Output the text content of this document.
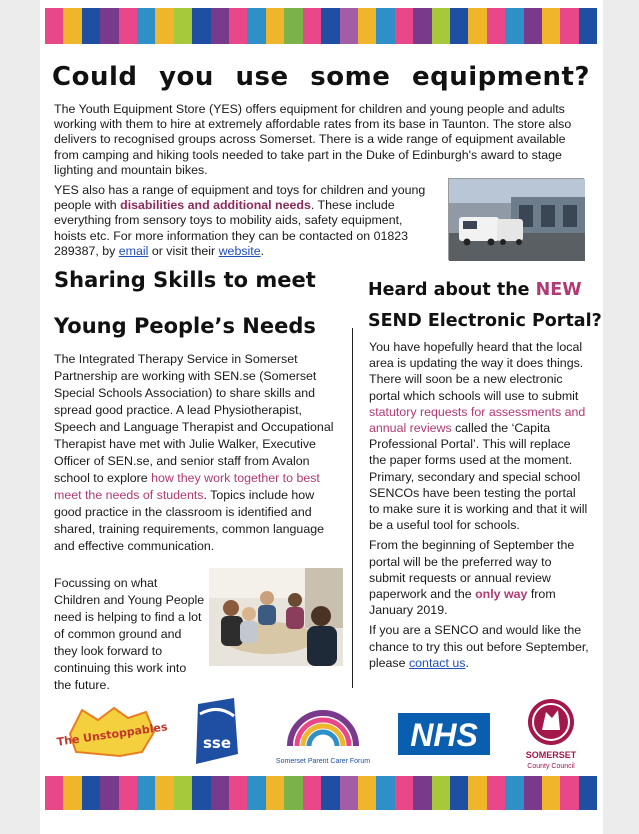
Could you use some equipment?

The Youth Equipment Store (YES) offers equipment for children and young people and adults working with them to hire at extremely affordable rates from its base in Taunton. The store also delivers to recognised groups across Somerset. There is a wide range of equipment available from camping and hiking tools needed to take part in the Duke of Edinburgh's award to stage lighting and mountain bikes.

YES also has a range of equipment and toys for children and young people with disabilities and additional needs. These include everything from sensory toys to mobility aids, safety equipment, hoists etc. For more information they can be contacted on 01823 289387, by email or visit their website.

Sharing Skills to meet
Young People’s Needs
Heard about the NEW
SEND Electronic Portal?

The Integrated Therapy Service in Somerset Partnership are working with SEN.se (Somerset Special Schools Association) to share skills and spread good practice. A lead Physiotherapist, Speech and Language Therapist and Occupational Therapist have met with Julie Walker, Executive Officer of SEN.se, and senior staff from Avalon school to explore how they work together to best meet the needs of students. Topics include how good practice in the classroom is identified and shared, training requirements, common language and effective communication.

Focussing on what Children and Young People need is helping to find a lot of common ground and they look forward to continuing this work into the future.

You have hopefully heard that the local area is updating the way it does things. There will soon be a new electronic portal which schools will use to submit statutory requests for assessments and annual reviews called the ‘Capita Professional Portal’. This will replace the paper forms used at the moment. Primary, secondary and special school SENCOs have been testing the portal to make sure it is working and that it will be a useful tool for schools.

From the beginning of September the portal will be the preferred way to submit requests or annual review paperwork and the only way from January 2019.

If you are a SENCO and would like the chance to try this out before September, please contact us.

The Unstoppables sse
Somerset Parent Carer Forum
NHS
SOMERSET
County Council
